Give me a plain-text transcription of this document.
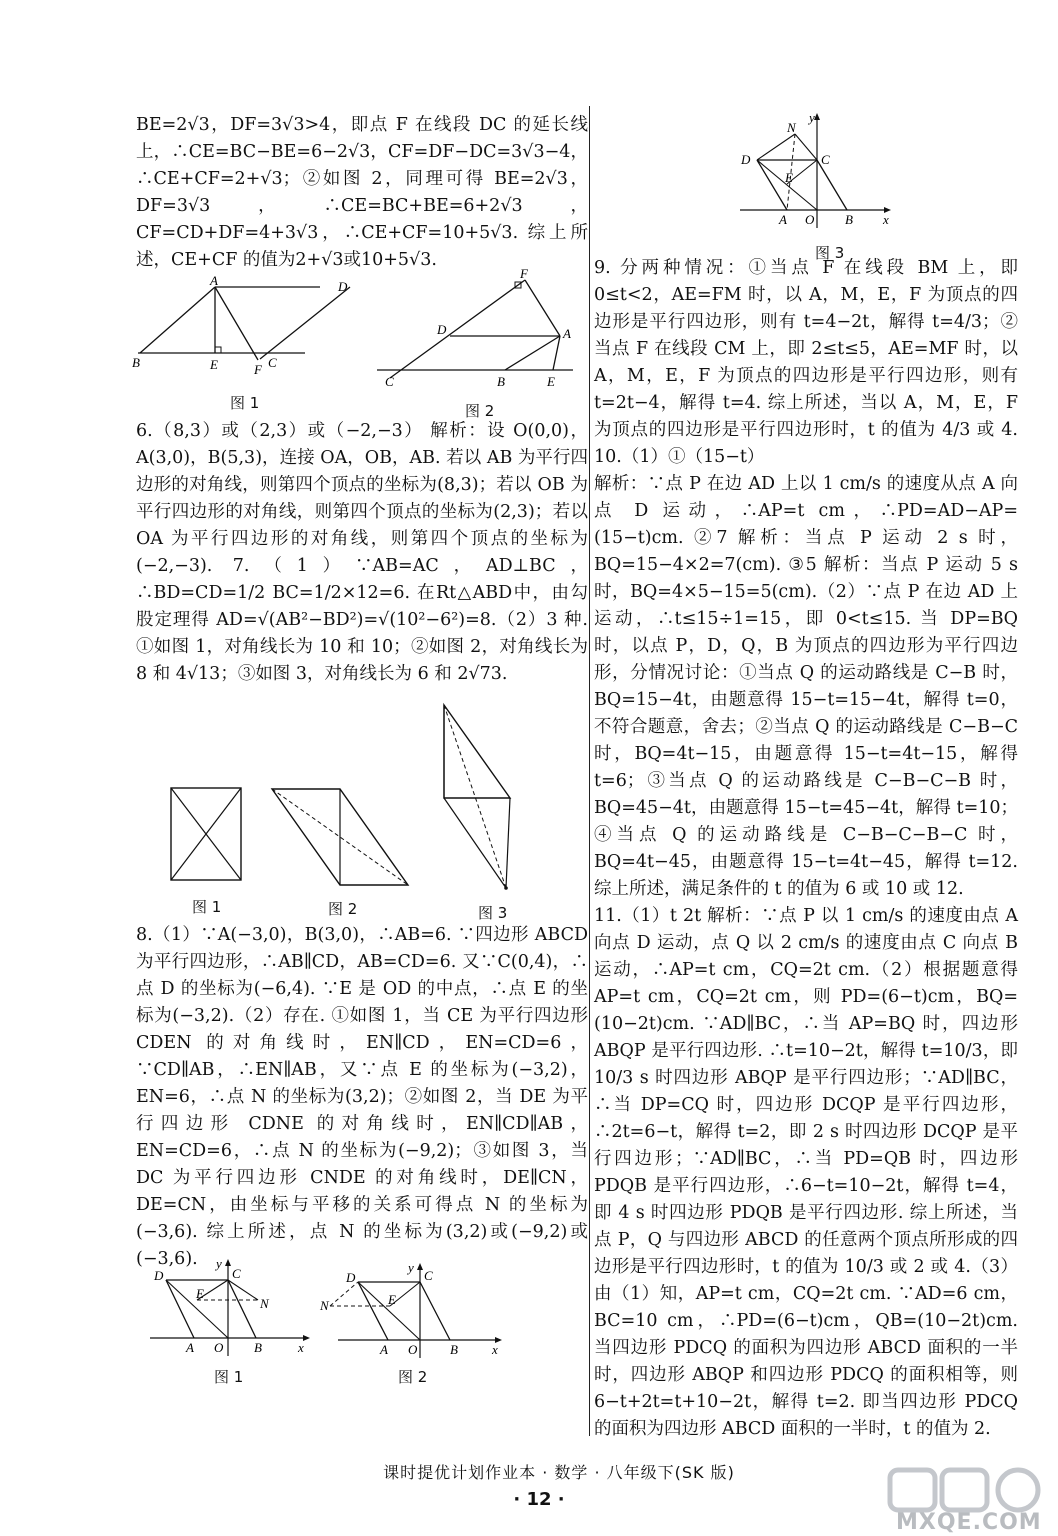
BE=2√3，DF=3√3>4，即点 F 在线段 DC 的延长线上，∴CE=BC−BE=6−2√3，CF=DF−DC=3√3−4，∴CE+CF=2+√3；②如图 2，同理可得 BE=2√3，DF=3√3，∴CE=BC+BE=6+2√3，CF=CD+DF=4+3√3，∴CE+CF=10+5√3. 综上所述，CE+CF 的值为2+√3或10+5√3.

A
B	E	F C
D
图 1
F
D	A
C	B	E
图 2

6.（8,3）或（2,3）或（−2,−3） 解析：设 O(0,0)，A(3,0)，B(5,3)，连接 OA，OB，AB. 若以 AB 为平行四边形的对角线，则第四个顶点的坐标为(8,3)；若以 OB 为平行四边形的对角线，则第四个顶点的坐标为(2,3)；若以 OA 为平行四边形的对角线，则第四个顶点的坐标为(−2,−3). 7.（1）∵AB=AC，AD⊥BC，∴BD=CD=1/2 BC=1/2×12=6. 在Rt△ABD中，由勾股定理得 AD=√(AB²−BD²)=√(10²−6²)=8.（2）3 种. ①如图 1，对角线长为 10 和 10；②如图 2，对角线长为 8 和 4√13；③如图 3，对角线长为 6 和 2√73.

图 1	图 2	图 3

8.（1）∵A(−3,0)，B(3,0)，∴AB=6. ∵四边形 ABCD 为平行四边形，∴AB∥CD，AB=CD=6. 又∵C(0,4)，∴点 D 的坐标为(−6,4). ∵E 是 OD 的中点，∴点 E 的坐标为(−3,2).（2）存在. ①如图 1，当 CE 为平行四边形 CDEN 的对角线时，EN∥CD，EN=CD=6，∵CD∥AB，∴EN∥AB，又∵点 E 的坐标为(−3,2)，EN=6，∴点 N 的坐标为(3,2)；②如图 2，当 DE 为平行四边形 CDNE 的对角线时，EN∥CD∥AB，EN=CD=6，∴点 N 的坐标为(−9,2)；③如图 3，当 DC 为平行四边形 CNDE 的对角线时，DE∥CN，DE=CN，由坐标与平移的关系可得点 N 的坐标为(−3,6). 综上所述，点 N 的坐标为(3,2)或(−9,2)或(−3,6).

D	C
E
N
A O B	x
y
图 1
D	C
E
N
A O	B	x
y
图 2
D	C
N
E
A O B x
y
图 3

9. 分两种情况：①当点 F 在线段 BM 上，即 0≤t<2，AE=FM 时，以 A，M，E，F 为顶点的四边形是平行四边形，则有 t=4−2t，解得 t=4/3；②当点 F 在线段 CM 上，即 2≤t≤5，AE=MF 时，以 A，M，E，F 为顶点的四边形是平行四边形，则有 t=2t−4，解得 t=4. 综上所述，当以 A，M，E，F 为顶点的四边形是平行四边形时，t 的值为 4/3 或 4. 10.（1）①（15−t）

解析：∵点 P 在边 AD 上以 1 cm/s 的速度从点 A 向点 D 运动，∴AP=t cm，∴PD=AD−AP=(15−t)cm. ②7 解析：当点 P 运动 2 s 时，BQ=15−4×2=7(cm). ③5 解析：当点 P 运动 5 s 时，BQ=4×5−15=5(cm).（2）∵点 P 在边 AD 上运动，∴t≤15÷1=15，即 0<t≤15. 当 DP=BQ 时，以点 P，D，Q，B 为顶点的四边形为平行四边形，分情况讨论：①当点 Q 的运动路线是 C−B 时，BQ=15−4t，由题意得 15−t=15−4t，解得 t=0，不符合题意，舍去；②当点 Q 的运动路线是 C−B−C 时，BQ=4t−15，由题意得 15−t=4t−15，解得 t=6；③当点 Q 的运动路线是 C−B−C−B 时，BQ=45−4t，由题意得 15−t=45−4t，解得 t=10；④当点 Q 的运动路线是 C−B−C−B−C 时，BQ=4t−45，由题意得 15−t=4t−45，解得 t=12. 综上所述，满足条件的 t 的值为 6 或 10 或 12.

11.（1）t 2t 解析：∵点 P 以 1 cm/s 的速度由点 A 向点 D 运动，点 Q 以 2 cm/s 的速度由点 C 向点 B 运动，∴AP=t cm，CQ=2t cm.（2）根据题意得 AP=t cm，CQ=2t cm，则 PD=(6−t)cm，BQ=(10−2t)cm. ∵AD∥BC，∴当 AP=BQ 时，四边形 ABQP 是平行四边形. ∴t=10−2t，解得 t=10/3，即 10/3 s 时四边形 ABQP 是平行四边形；∵AD∥BC，∴当 DP=CQ 时，四边形 DCQP 是平行四边形，∴2t=6−t，解得 t=2，即 2 s 时四边形 DCQP 是平行四边形；∵AD∥BC，∴当 PD=QB 时，四边形 PDQB 是平行四边形，∴6−t=10−2t，解得 t=4，即 4 s 时四边形 PDQB 是平行四边形. 综上所述，当点 P，Q 与四边形 ABCD 的任意两个顶点所形成的四边形是平行四边形时，t 的值为 10/3 或 2 或 4.（3）由（1）知，AP=t cm，CQ=2t cm. ∵AD=6 cm，BC=10 cm，∴PD=(6−t)cm，QB=(10−2t)cm. 当四边形 PDCQ 的面积为四边形 ABCD 面积的一半时，四边形 ABQP 和四边形 PDCQ 的面积相等，则 6−t+2t=t+10−2t，解得 t=2. 即当四边形 PDCQ 的面积为四边形 ABCD 面积的一半时，t 的值为 2.

课时提优计划作业本 · 数学 · 八年级下(SK 版)
· 12 ·
MXQE.COM
